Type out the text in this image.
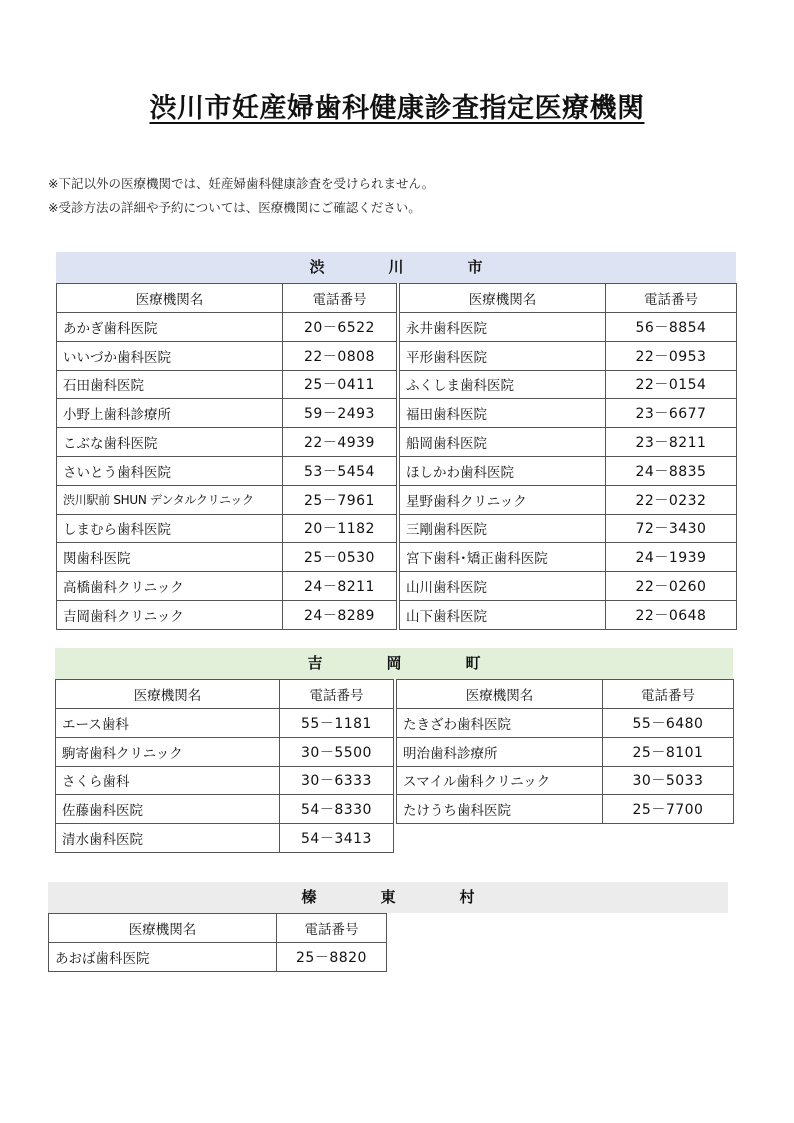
渋川市妊産婦歯科健康診査指定医療機関
※下記以外の医療機関では、妊産婦歯科健康診査を受けられません。
※受診方法の詳細や予約については、医療機関にご確認ください。
渋	川	市
医療機関名	電話番号		医療機関名	電話番号
あかぎ歯科医院	20－6522		永井歯科医院	56－8854
いいづか歯科医院	22－0808		平形歯科医院	22－0953
石田歯科医院	25－0411		ふくしま歯科医院	22－0154
小野上歯科診療所	59－2493		福田歯科医院	23－6677
こぶな歯科医院	22－4939		船岡歯科医院	23－8211
さいとう歯科医院	53－5454		ほしかわ歯科医院	24－8835
渋川駅前 SHUN デンタルクリニック	25－7961		星野歯科クリニック	22－0232
しまむら歯科医院	20－1182		三剛歯科医院	72－3430
関歯科医院	25－0530		宮下歯科･矯正歯科医院	24－1939
高橋歯科クリニック	24－8211		山川歯科医院	22－0260
吉岡歯科クリニック	24－8289		山下歯科医院	22－0648
吉	岡	町
医療機関名	電話番号		医療機関名	電話番号
エース歯科	55－1181		たきざわ歯科医院	55－6480
駒寄歯科クリニック	30－5500		明治歯科診療所	25－8101
さくら歯科	30－6333		スマイル歯科クリニック	30－5033
佐藤歯科医院	54－8330		たけうち歯科医院	25－7700
清水歯科医院	54－3413			
榛	東	村
医療機関名	電話番号
あおば歯科医院	25－8820
